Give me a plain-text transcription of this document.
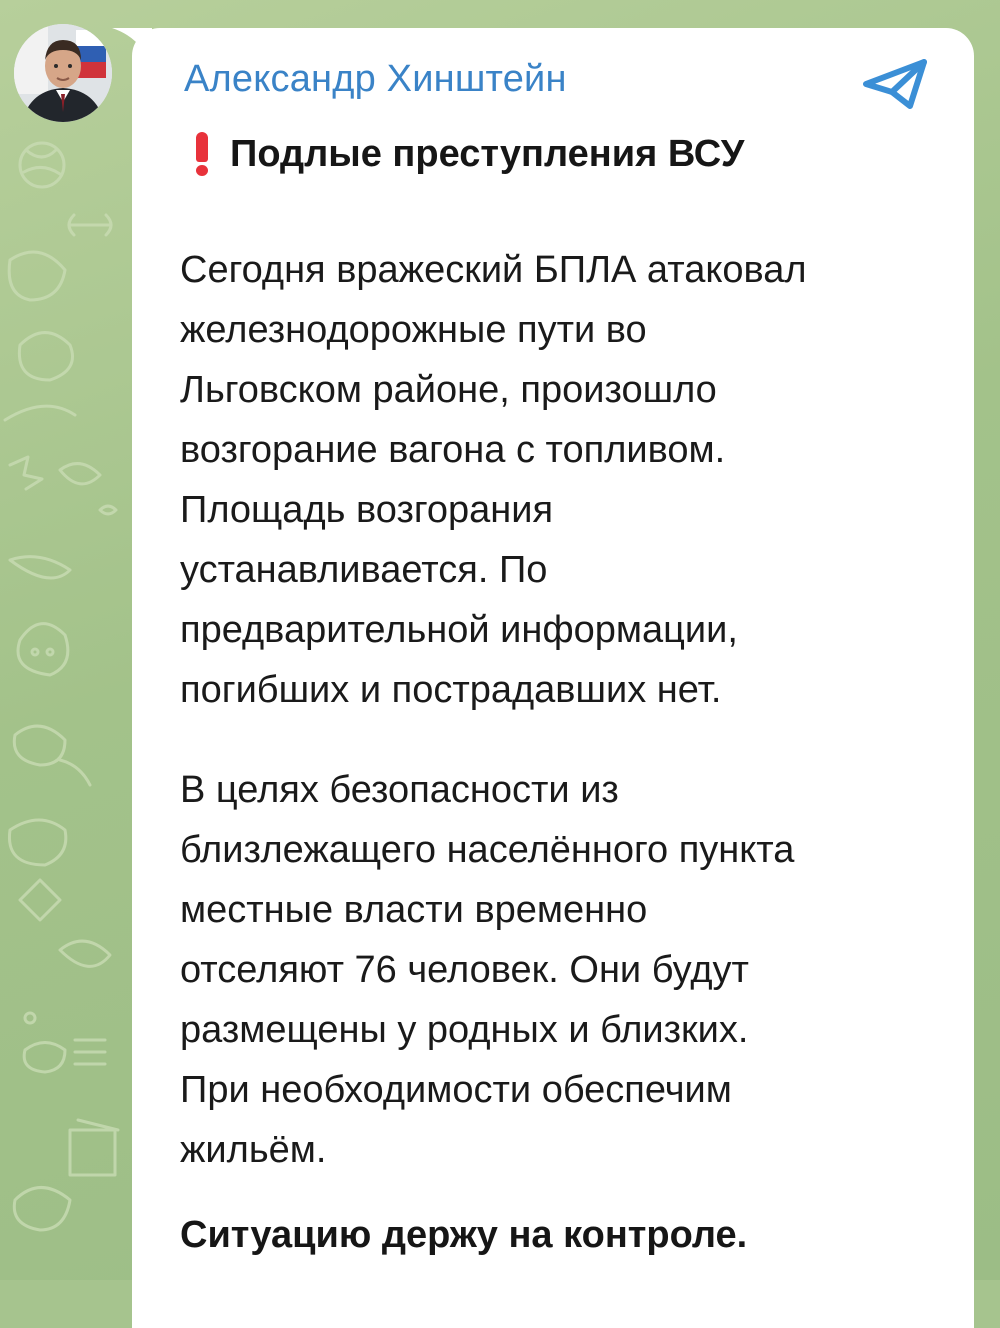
Александр Хинштейн
Подлые преступления ВСУ

Сегодня вражеский БПЛА атаковал
железнодорожные пути во
Льговском районе, произошло
возгорание вагона с топливом.
Площадь возгорания
устанавливается. По
предварительной информации,
погибших и пострадавших нет.

В целях безопасности из
близлежащего населённого пункта
местные власти временно
отселяют 76 человек. Они будут
размещены у родных и близких.
При необходимости обеспечим
жильём.

Ситуацию держу на контроле.
